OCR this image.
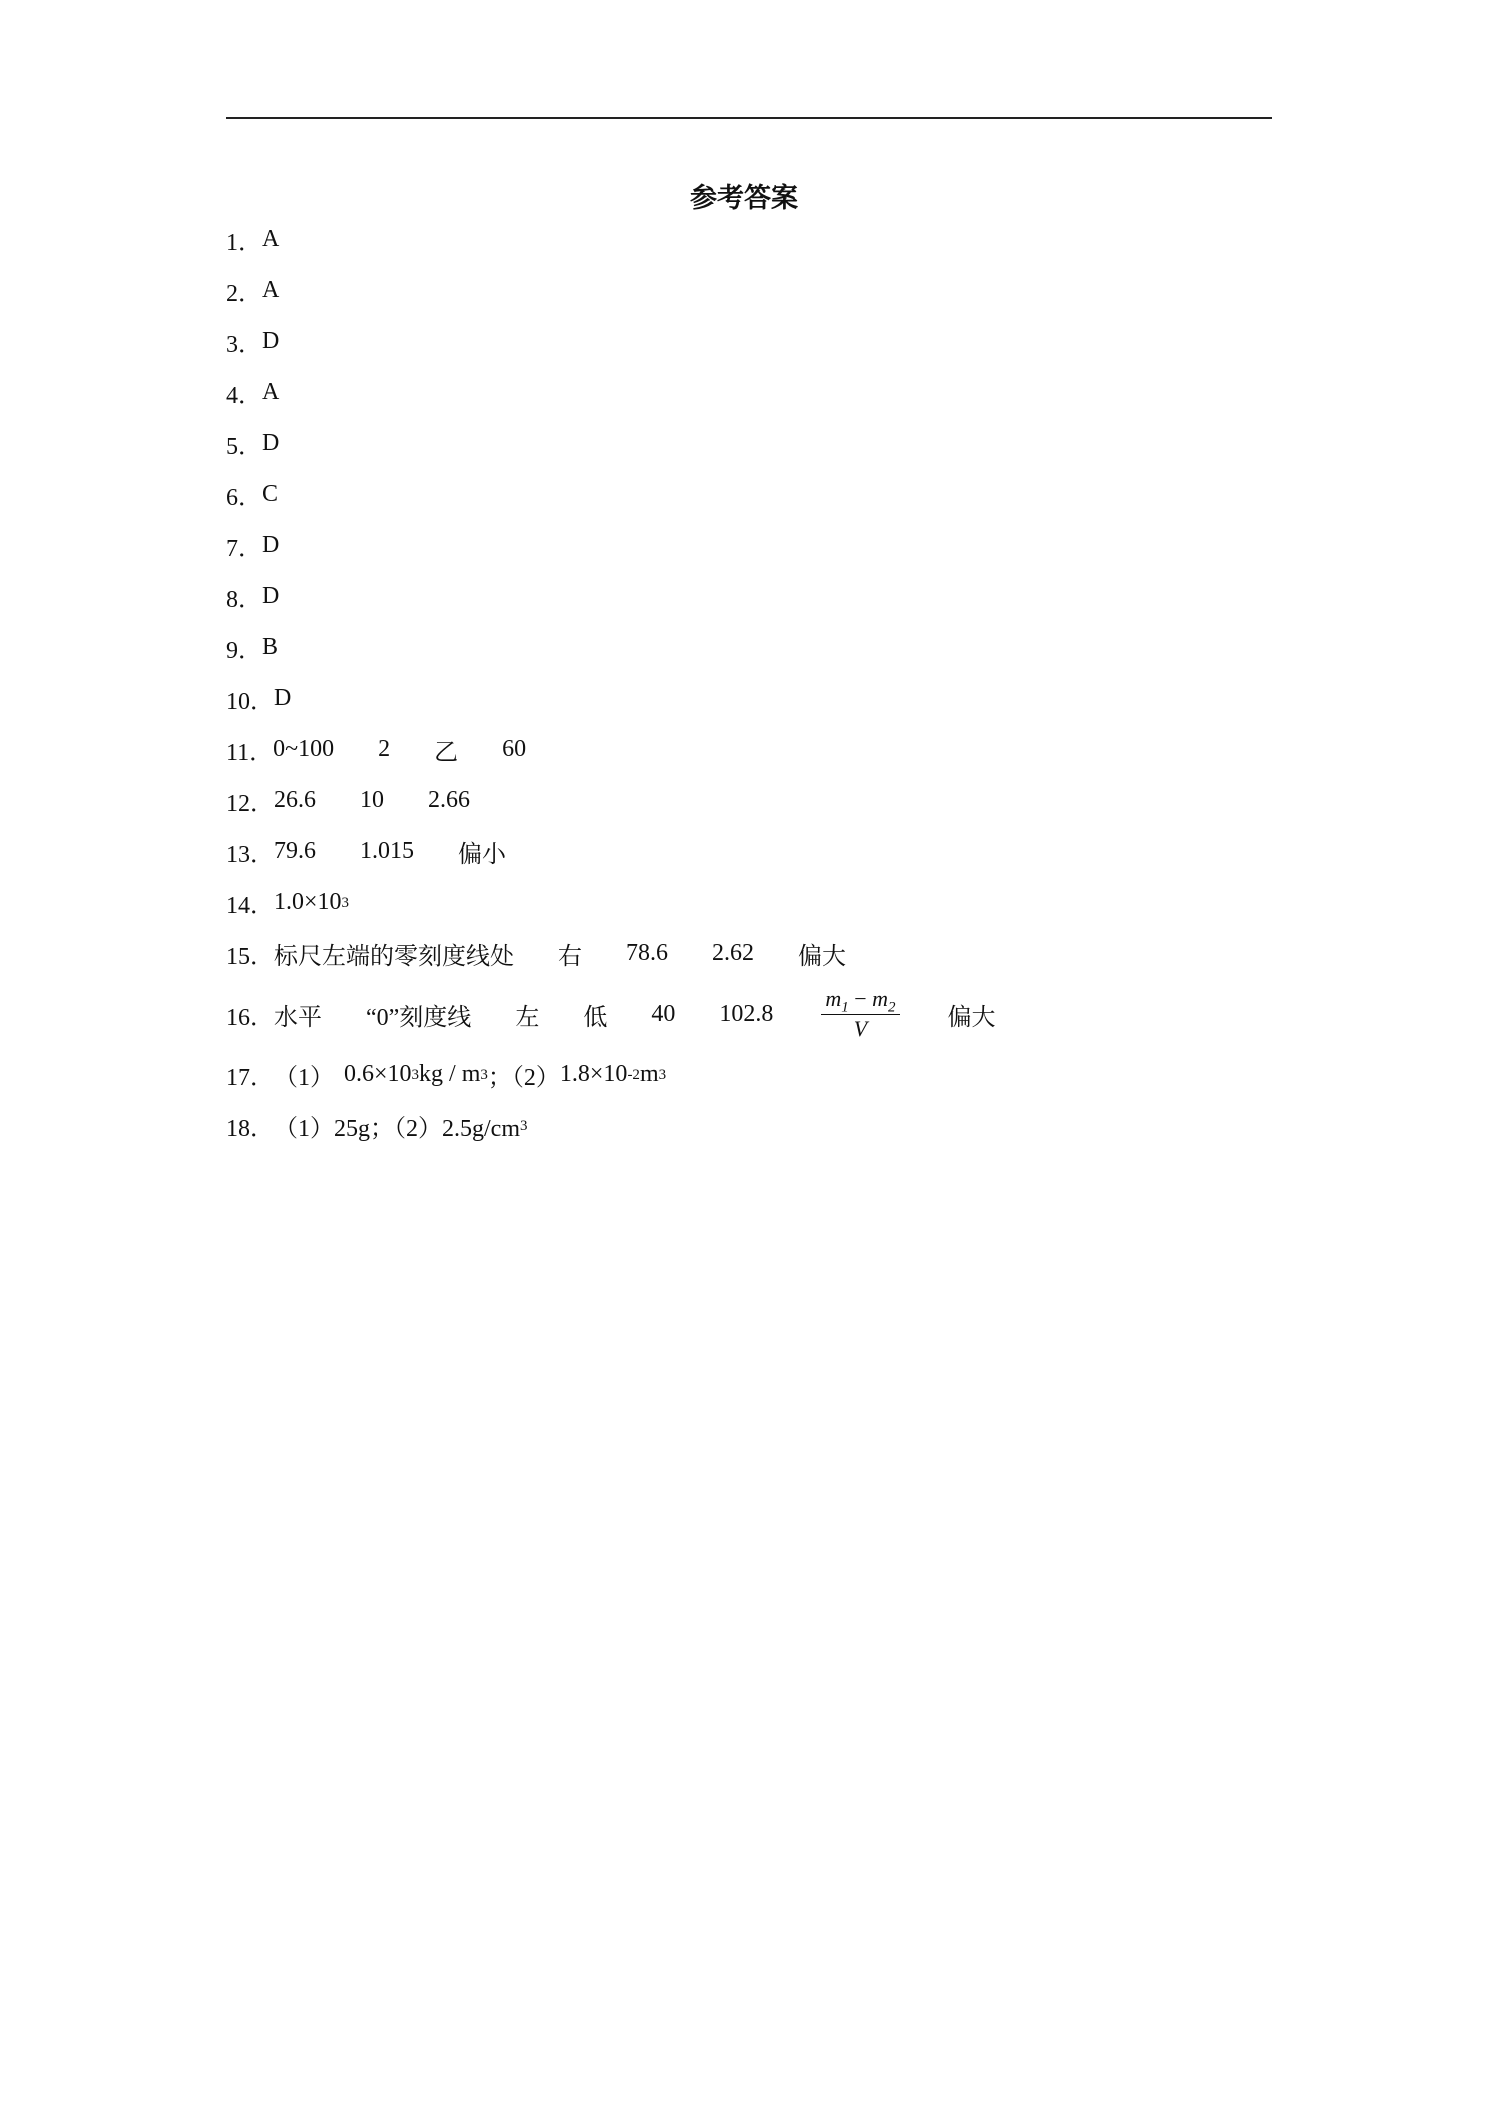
参考答案
1． A
2． A
3． D
4． A
5． D
6． C
7． D
8． D
9． B
10． D
11． 0~100 2 乙 60
12． 26.6 10 2.66
13． 79.6 1.015 偏小
14． 1.0×10 3
15． 标尺左端的零刻度线处 右 78.6 2.62 偏大
16． 水平 “0”刻度线 左 低 40 $102.8 \frac{m_1 - m_2}{V}$ 偏大
17． （1） 0.6×10 3 kg / m 3 ；（2） 1.8×10 -2 m 3
18． （1）25g；（2）2.5g/cm 3
